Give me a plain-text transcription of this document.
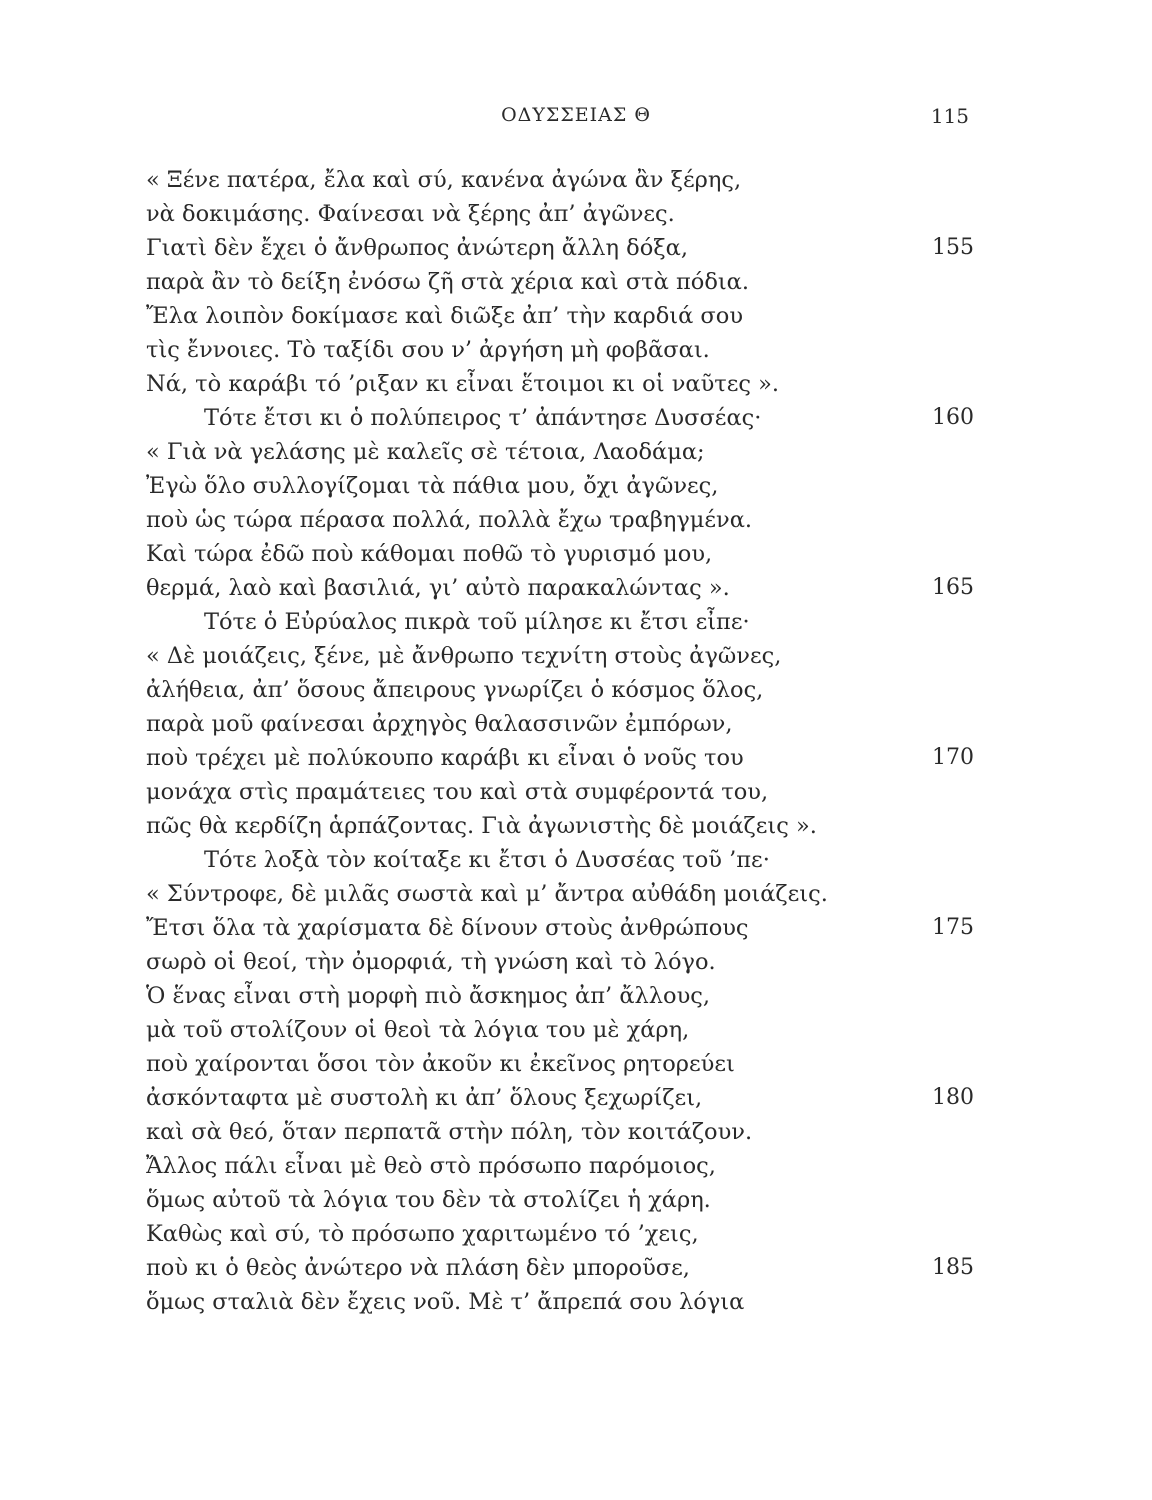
ΟΔΥΣΣΕΙΑΣ Θ	115
« Ξένε πατέρα, ἔλα καὶ σύ, κανένα ἀγώνα ἂν ξέρης,
νὰ δοκιμάσης. Φαίνεσαι νὰ ξέρης ἀπ’ ἀγῶνες.
Γιατὶ δὲν ἔχει ὁ ἄνθρωπος ἀνώτερη ἄλλη δόξα,	155
παρὰ ἂν τὸ δείξη ἐνόσω ζῆ στὰ χέρια καὶ στὰ πόδια.
Ἔλα λοιπὸν δοκίμασε καὶ διῶξε ἀπ’ τὴν καρδιά σου
τὶς ἔννοιες. Τὸ ταξίδι σου ν’ ἀργήση μὴ φοβᾶσαι.
Νά, τὸ καράβι τό ’ριξαν κι εἶναι ἕτοιμοι κι οἱ ναῦτες ».
Τότε ἔτσι κι ὁ πολύπειρος τ’ ἀπάντησε Δυσσέας·	160
« Γιὰ νὰ γελάσης μὲ καλεῖς σὲ τέτοια, Λαοδάμα;
Ἐγὼ ὅλο συλλογίζομαι τὰ πάθια μου, ὄχι ἀγῶνες,
ποὺ ὡς τώρα πέρασα πολλά, πολλὰ ἔχω τραβηγμένα.
Καὶ τώρα ἐδῶ ποὺ κάθομαι ποθῶ τὸ γυρισμό μου,
θερμά, λαὸ καὶ βασιλιά, γι’ αὐτὸ παρακαλώντας ».	165
Τότε ὁ Εὐρύαλος πικρὰ τοῦ μίλησε κι ἔτσι εἶπε·
« Δὲ μοιάζεις, ξένε, μὲ ἄνθρωπο τεχνίτη στοὺς ἀγῶνες,
ἀλήθεια, ἀπ’ ὅσους ἄπειρους γνωρίζει ὁ κόσμος ὅλος,
παρὰ μοῦ φαίνεσαι ἀρχηγὸς θαλασσινῶν ἐμπόρων,
ποὺ τρέχει μὲ πολύκουπο καράβι κι εἶναι ὁ νοῦς του	170
μονάχα στὶς πραμάτειες του καὶ στὰ συμφέροντά του,
πῶς θὰ κερδίζη ἁρπάζοντας. Γιὰ ἀγωνιστὴς δὲ μοιάζεις ».
Τότε λοξὰ τὸν κοίταξε κι ἔτσι ὁ Δυσσέας τοῦ ’πε·
« Σύντροφε, δὲ μιλᾶς σωστὰ καὶ μ’ ἄντρα αὐθάδη μοιάζεις.
Ἔτσι ὅλα τὰ χαρίσματα δὲ δίνουν στοὺς ἀνθρώπους	175
σωρὸ οἱ θεοί, τὴν ὀμορφιά, τὴ γνώση καὶ τὸ λόγο.
Ὁ ἕνας εἶναι στὴ μορφὴ πιὸ ἄσκημος ἀπ’ ἄλλους,
μὰ τοῦ στολίζουν οἱ θεοὶ τὰ λόγια του μὲ χάρη,
ποὺ χαίρονται ὅσοι τὸν ἀκοῦν κι ἐκεῖνος ρητορεύει
ἀσκόνταφτα μὲ συστολὴ κι ἀπ’ ὅλους ξεχωρίζει,	180
καὶ σὰ θεό, ὅταν περπατᾶ στὴν πόλη, τὸν κοιτάζουν.
Ἄλλος πάλι εἶναι μὲ θεὸ στὸ πρόσωπο παρόμοιος,
ὅμως αὐτοῦ τὰ λόγια του δὲν τὰ στολίζει ἡ χάρη.
Καθὼς καὶ σύ, τὸ πρόσωπο χαριτωμένο τό ’χεις,
ποὺ κι ὁ θεὸς ἀνώτερο νὰ πλάση δὲν μποροῦσε,	185
ὅμως σταλιὰ δὲν ἔχεις νοῦ. Μὲ τ’ ἄπρεπά σου λόγια
